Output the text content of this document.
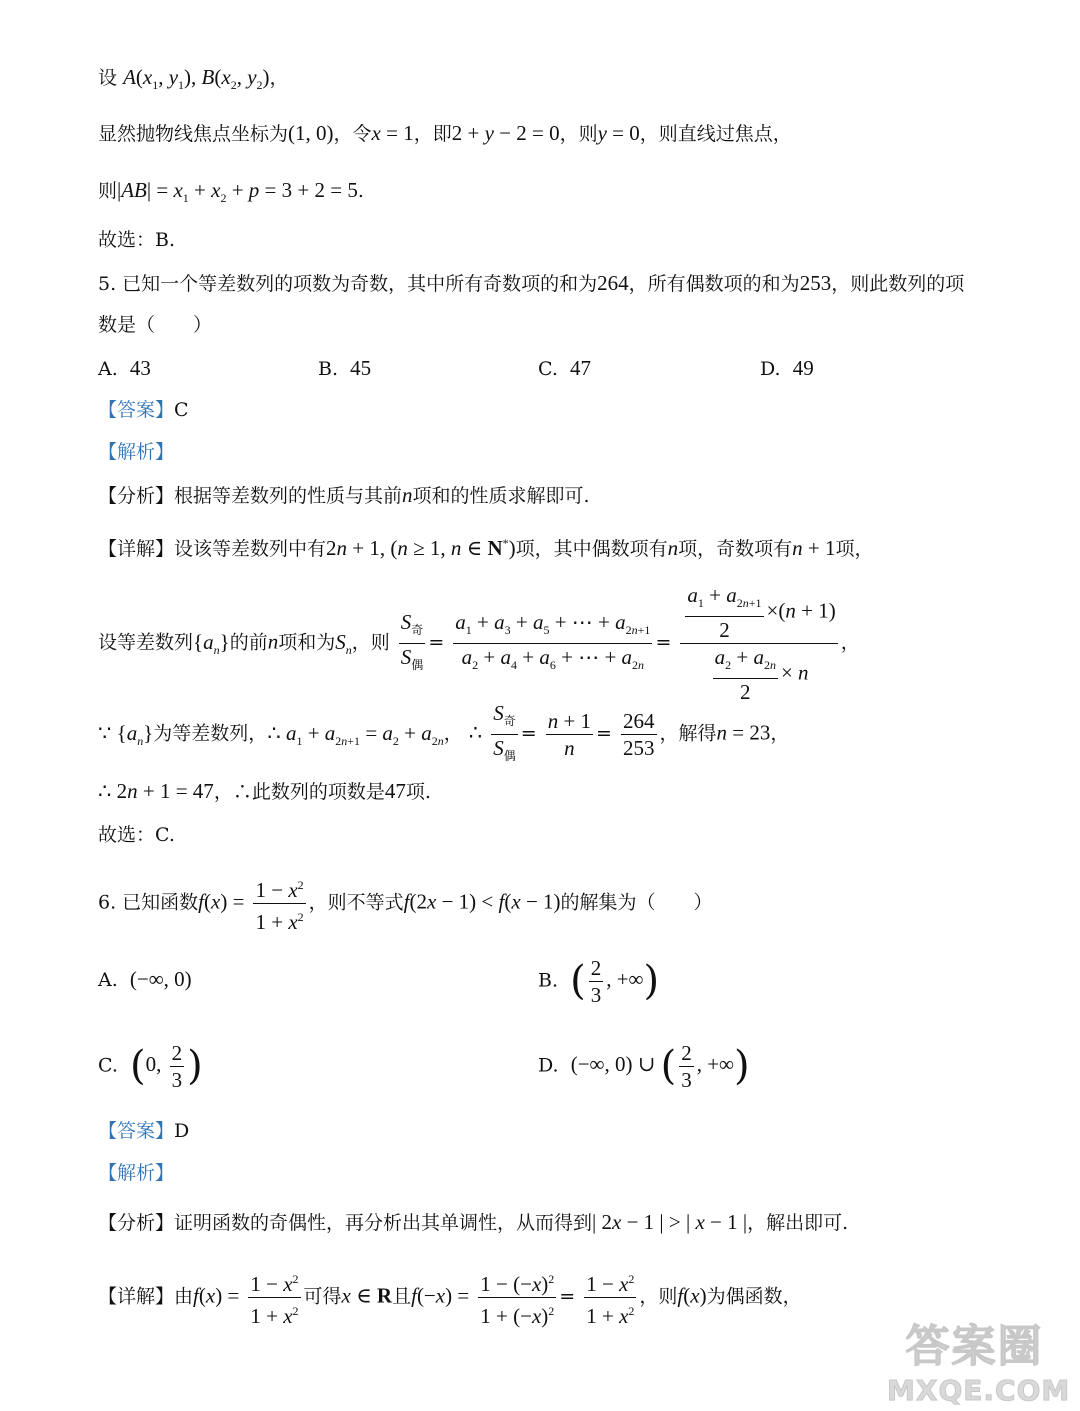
设 $A(x_1$, $y_1$), $B(x_2$, $y_2$)，
显然抛物线焦点坐标为(1, 0)，令x = 1，即2 + y − 2 = 0，则y = 0，则直线过焦点，
则$|AB| = x_1 + x_2 + p = 3 + 2 = 5$.
故选：B.
5. 已知一个等差数列的项数为奇数，其中所有奇数项的和为264，所有偶数项的和为253，则此数列的项
数是（　　）
A. 43	B. 45	C. 47	D. 49
【答案】C
【解析】
【分析】根据等差数列的性质与其前n项和的性质求解即可.
【详解】设该等差数列中有2n + 1, (n ≥ 1, n ∈ N*)项，其中偶数项有n项，奇数项有n + 1项，
设等差数列$\{a_n\}$的前n项和为$S_n$，则 $\frac{S_奇}{S_偶} = \frac{a_1 + a_3 + a_5 + \cdots + a_{2n+1}}{a_2 + a_4 + a_6 + \cdots + a_{2n}} = \frac{\frac{a_1 + a_{2n+1}}{2} \times(n + 1)}{\frac{a_2 + a_{2n}}{2} \times n}$ ，
∵ $\{a_n\}$为等差数列，∴ $a_1 + a_{2n+1} = a_2 + a_{2n}$， ∴ $\frac{S_奇}{S_偶} = \frac{n + 1}{n} = \frac{264}{253}$ ，解得n = 23，
∴ 2n + 1 = 47，∴此数列的项数是47项.
故选：C.
6. 已知函数$f(x) = \frac{1 - x^2}{1 + x^2}$ ，则不等式f(2x − 1) < f(x − 1)的解集为（　　）
A. (−∞, 0)	B. ( $\frac{2}{3}$ , +∞)
C. (0, $\frac{2}{3}$ )	D. (−∞, 0) ∪ ( $\frac{2}{3}$ , +∞)
【答案】D
【解析】
【分析】证明函数的奇偶性，再分析出其单调性，从而得到| 2x − 1 | > | x − 1 |，解出即可.
【详解】由$f(x) = \frac{1 - x^2}{1 + x^2}$ 可得x ∈ R且$f(-x) = \frac{1 - (-x)^2}{1 + (-x)^2} = \frac{1 - x^2}{1 + x^2}$ ，则f(x)为偶函数，
答案圈
MXQE.COM
